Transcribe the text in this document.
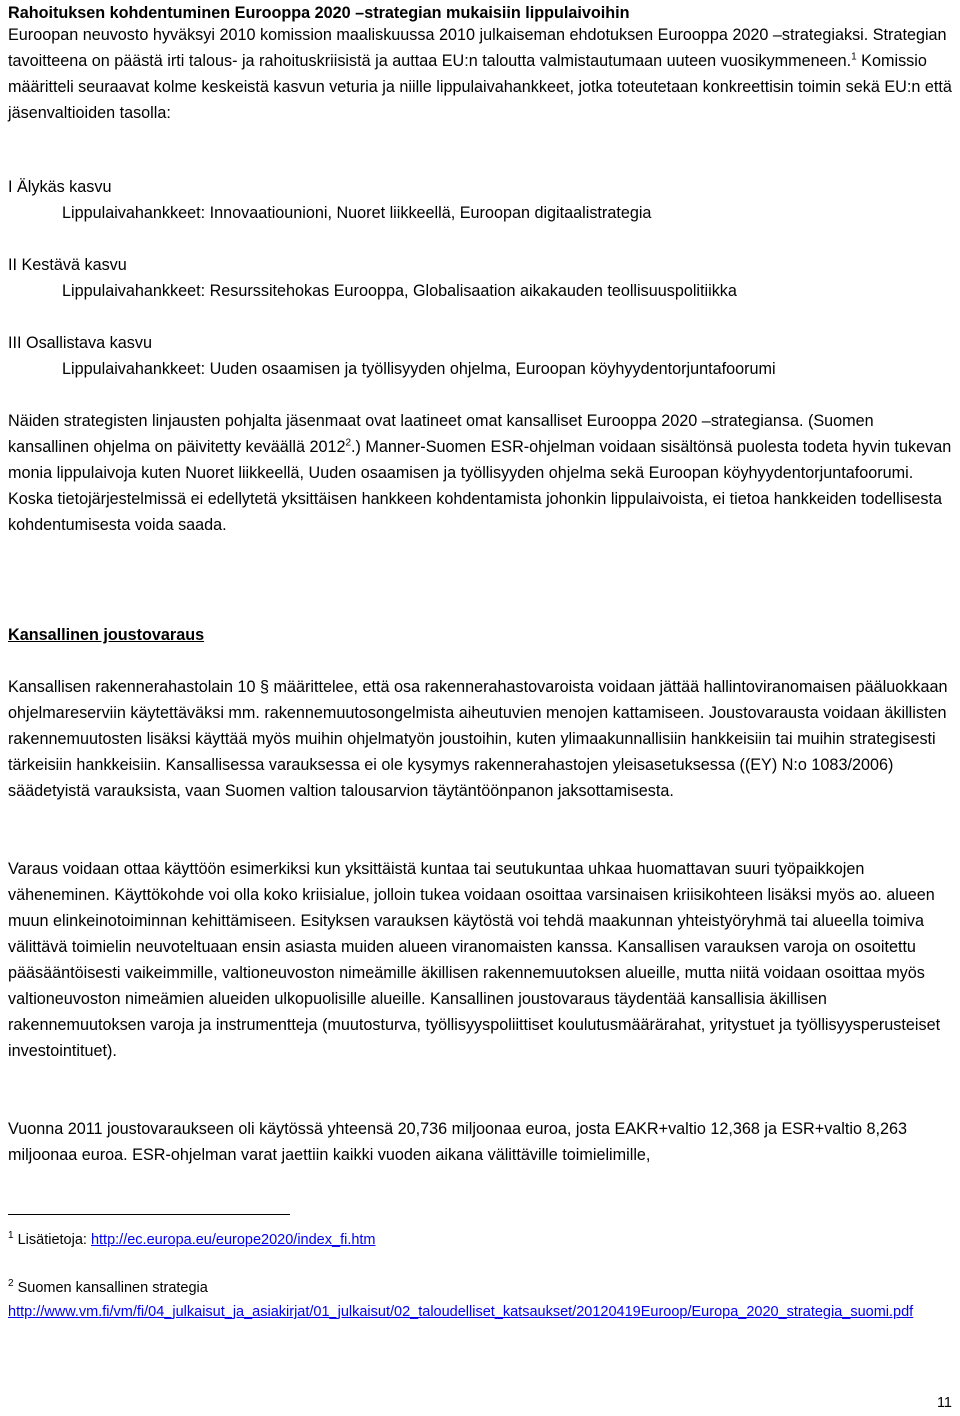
Rahoituksen kohdentuminen Eurooppa 2020 –strategian mukaisiin lippulaivoihin

Euroopan neuvosto hyväksyi 2010 komission maaliskuussa 2010 julkaiseman ehdotuksen Eurooppa 2020 –strategiaksi. Strategian tavoitteena on päästä irti talous- ja rahoituskriisistä ja auttaa EU:n taloutta valmistautumaan uuteen vuosikymmeneen.$^1$ Komissio määritteli seuraavat kolme keskeistä kasvun veturia ja niille lippulaivahankkeet, jotka toteutetaan konkreettisin toimin sekä EU:n että jäsenvaltioiden tasolla:

I Älykäs kasvu
Lippulaivahankkeet: Innovaatiounioni, Nuoret liikkeellä, Euroopan digitaalistrategia
II Kestävä kasvu
Lippulaivahankkeet: Resurssitehokas Eurooppa, Globalisaation aikakauden teollisuuspolitiikka
III Osallistava kasvu
Lippulaivahankkeet: Uuden osaamisen ja työllisyyden ohjelma, Euroopan köyhyydentorjuntafoorumi

Näiden strategisten linjausten pohjalta jäsenmaat ovat laatineet omat kansalliset Eurooppa 2020 –strategiansa. (Suomen kansallinen ohjelma on päivitetty keväällä 2012$^2$.) Manner-Suomen ESR-ohjelman voidaan sisältönsä puolesta todeta hyvin tukevan monia lippulaivoja kuten Nuoret liikkeellä, Uuden osaamisen ja työllisyyden ohjelma sekä Euroopan köyhyydentorjuntafoorumi. Koska tietojärjestelmissä ei edellytetä yksittäisen hankkeen kohdentamista johonkin lippulaivoista, ei tietoa hankkeiden todellisesta kohdentumisesta voida saada.

Kansallinen joustovaraus

Kansallisen rakennerahastolain 10 § määrittelee, että osa rakennerahastovaroista voidaan jättää hallintoviranomaisen pääluokkaan ohjelmareserviin käytettäväksi mm. rakennemuutosongelmista aiheutuvien menojen kattamiseen. Joustovarausta voidaan äkillisten rakennemuutosten lisäksi käyttää myös muihin ohjelmatyön joustoihin, kuten ylimaakunnallisiin hankkeisiin tai muihin strategisesti tärkeisiin hankkeisiin. Kansallisessa varauksessa ei ole kysymys rakennerahastojen yleisasetuksessa ((EY) N:o 1083/2006) säädetyistä varauksista, vaan Suomen valtion talousarvion täytäntöönpanon jaksottamisesta.

Varaus voidaan ottaa käyttöön esimerkiksi kun yksittäistä kuntaa tai seutukuntaa uhkaa huomattavan suuri työpaikkojen väheneminen. Käyttökohde voi olla koko kriisialue, jolloin tukea voidaan osoittaa varsinaisen kriisikohteen lisäksi myös ao. alueen muun elinkeinotoiminnan kehittämiseen. Esityksen varauksen käytöstä voi tehdä maakunnan yhteistyöryhmä tai alueella toimiva välittävä toimielin neuvoteltuaan ensin asiasta muiden alueen viranomaisten kanssa. Kansallisen varauksen varoja on osoitettu pääsääntöisesti vaikeimmille, valtioneuvoston nimeämille äkillisen rakennemuutoksen alueille, mutta niitä voidaan osoittaa myös valtioneuvoston nimeämien alueiden ulkopuolisille alueille. Kansallinen joustovaraus täydentää kansallisia äkillisen rakennemuutoksen varoja ja instrumentteja (muutosturva, työllisyyspoliittiset koulutusmäärärahat, yritystuet ja työllisyysperusteiset investointituet).

Vuonna 2011 joustovaraukseen oli käytössä yhteensä 20,736 miljoonaa euroa, josta EAKR+valtio 12,368 ja ESR+valtio 8,263 miljoonaa euroa. ESR-ohjelman varat jaettiin kaikki vuoden aikana välittäville toimielimille,

$^1$ Lisätietoja: http://ec.europa.eu/europe2020/index_fi.htm
$^2$ Suomen kansallinen strategia
http://www.vm.fi/vm/fi/04_julkaisut_ja_asiakirjat/01_julkaisut/02_taloudelliset_katsaukset/20120419Euroop/Europa_2020_strategia_suomi.pdf
11
